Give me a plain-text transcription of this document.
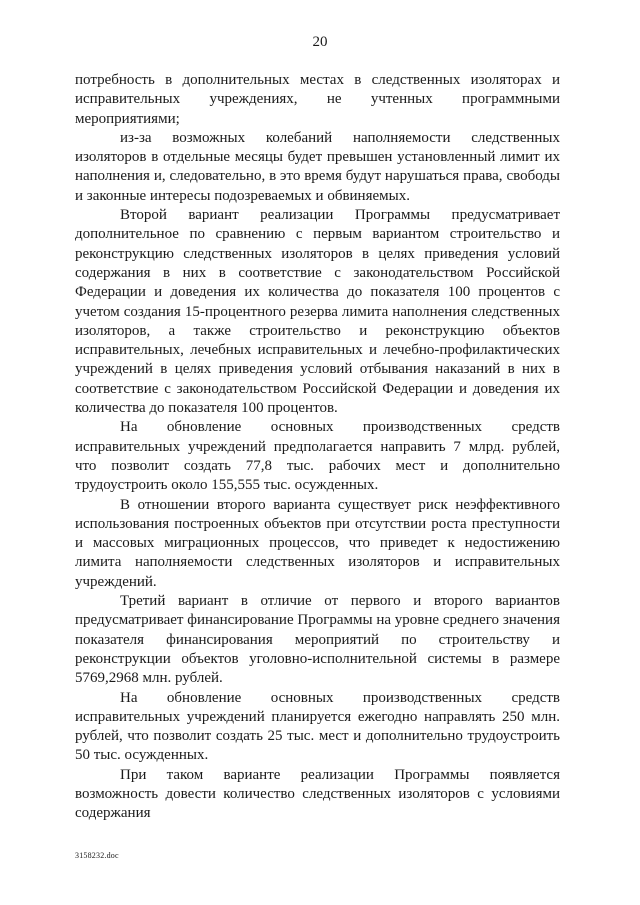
20

потребность в дополнительных местах в следственных изоляторах и исправительных учреждениях, не учтенных программными мероприятиями;

из-за возможных колебаний наполняемости следственных изоляторов в отдельные месяцы будет превышен установленный лимит их наполнения и, следовательно, в это время будут нарушаться права, свободы и законные интересы подозреваемых и обвиняемых.

Второй вариант реализации Программы предусматривает дополнительное по сравнению с первым вариантом строительство и реконструкцию следственных изоляторов в целях приведения условий содержания в них в соответствие с законодательством Российской Федерации и доведения их количества до показателя 100 процентов с учетом создания 15-процентного резерва лимита наполнения следственных изоляторов, а также строительство и реконструкцию объектов исправительных, лечебных исправительных и лечебно-профилактических учреждений в целях приведения условий отбывания наказаний в них в соответствие с законодательством Российской Федерации и доведения их количества до показателя 100 процентов.

На обновление основных производственных средств исправительных учреждений предполагается направить 7 млрд. рублей, что позволит создать 77,8 тыс. рабочих мест и дополнительно трудоустроить около 155,555 тыс. осужденных.

В отношении второго варианта существует риск неэффективного использования построенных объектов при отсутствии роста преступности и массовых миграционных процессов, что приведет к недостижению лимита наполняемости следственных изоляторов и исправительных учреждений.

Третий вариант в отличие от первого и второго вариантов предусматривает финансирование Программы на уровне среднего значения показателя финансирования мероприятий по строительству и реконструкции объектов уголовно-исполнительной системы в размере 5769,2968 млн. рублей.

На обновление основных производственных средств исправительных учреждений планируется ежегодно направлять 250 млн. рублей, что позволит создать 25 тыс. мест и дополнительно трудоустроить 50 тыс. осужденных.

При таком варианте реализации Программы появляется возможность довести количество следственных изоляторов с условиями содержания

3158232.doc
